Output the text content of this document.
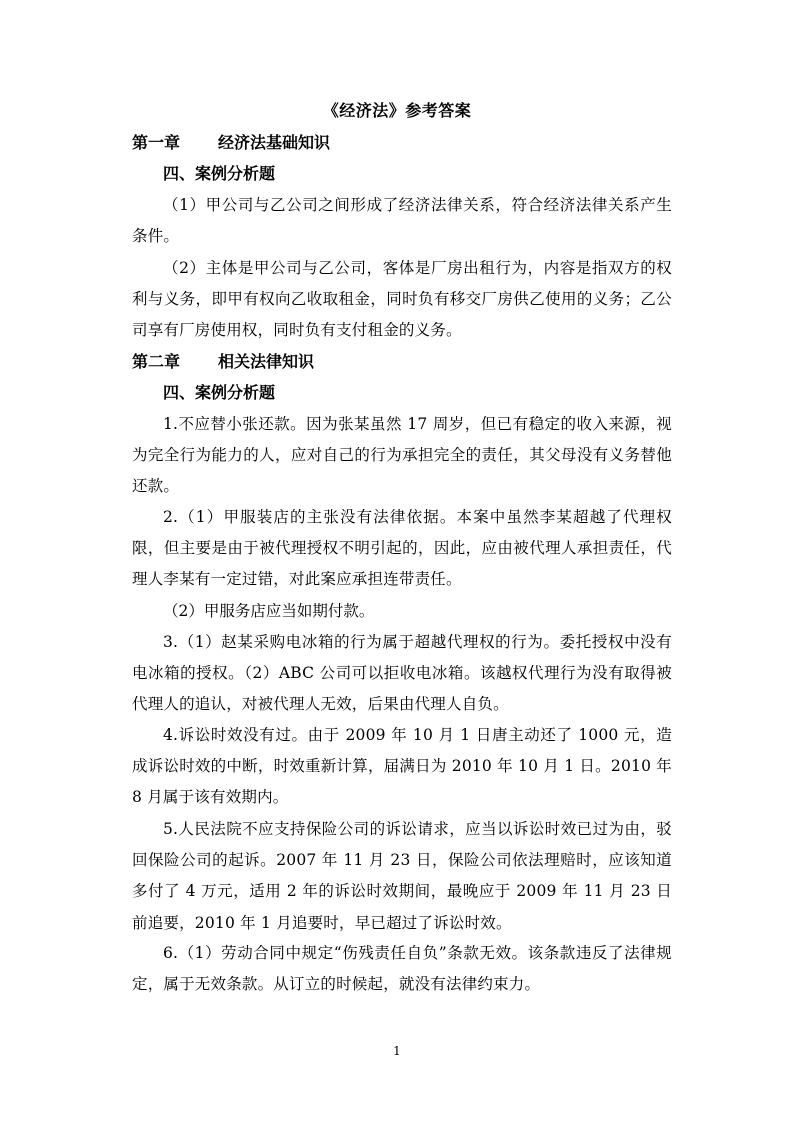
《经济法》参考答案
第一章 经济法基础知识
四、案例分析题
（1）甲公司与乙公司之间形成了经济法律关系，符合经济法律关系产生条件。
（2）主体是甲公司与乙公司，客体是厂房出租行为，内容是指双方的权利与义务，即甲有权向乙收取租金，同时负有移交厂房供乙使用的义务；乙公司享有厂房使用权，同时负有支付租金的义务。
第二章 相关法律知识
四、案例分析题
1.不应替小张还款。因为张某虽然 17 周岁，但已有稳定的收入来源，视为完全行为能力的人，应对自己的行为承担完全的责任，其父母没有义务替他还款。
2.（1）甲服装店的主张没有法律依据。本案中虽然李某超越了代理权限，但主要是由于被代理授权不明引起的，因此，应由被代理人承担责任，代理人李某有一定过错，对此案应承担连带责任。
（2）甲服务店应当如期付款。
3.（1）赵某采购电冰箱的行为属于超越代理权的行为。委托授权中没有电冰箱的授权。（2）ABC 公司可以拒收电冰箱。该越权代理行为没有取得被代理人的追认，对被代理人无效，后果由代理人自负。
4.诉讼时效没有过。由于 2009 年 10 月 1 日唐主动还了 1000 元，造成诉讼时效的中断，时效重新计算，届满日为 2010 年 10 月 1 日。2010 年 8 月属于该有效期内。
5.人民法院不应支持保险公司的诉讼请求，应当以诉讼时效已过为由，驳回保险公司的起诉。2007 年 11 月 23 日，保险公司依法理赔时，应该知道多付了 4 万元，适用 2 年的诉讼时效期间，最晚应于 2009 年 11 月 23 日前追要，2010 年 1 月追要时，早已超过了诉讼时效。
6.（1）劳动合同中规定“伤残责任自负”条款无效。该条款违反了法律规定，属于无效条款。从订立的时候起，就没有法律约束力。
1
